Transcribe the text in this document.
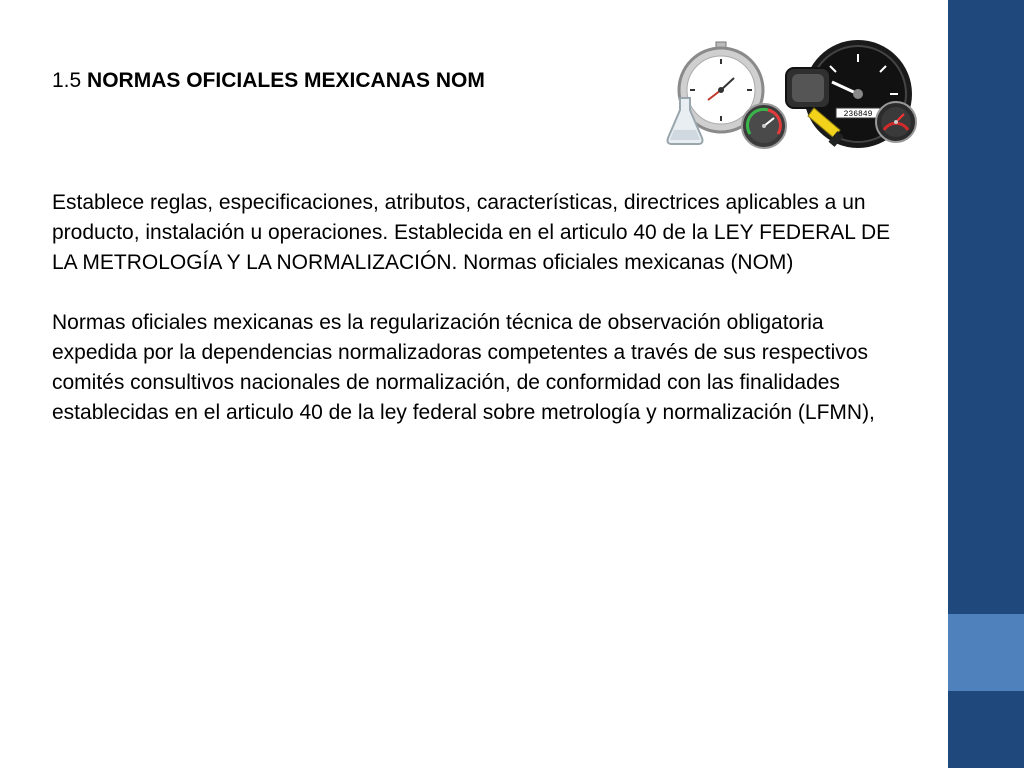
1.5 NORMAS OFICIALES MEXICANAS NOM
236849

Establece reglas, especificaciones, atributos, características, directrices aplicables a un producto, instalación u operaciones. Establecida en el articulo 40 de la LEY FEDERAL DE LA METROLOGÍA Y LA NORMALIZACIÓN. Normas oficiales mexicanas (NOM)

Normas oficiales mexicanas es la regularización técnica de observación obligatoria expedida por la dependencias normalizadoras competentes a través de sus respectivos comités consultivos nacionales de normalización, de conformidad con las finalidades establecidas en el articulo 40 de la ley federal sobre metrología y normalización (LFMN),
